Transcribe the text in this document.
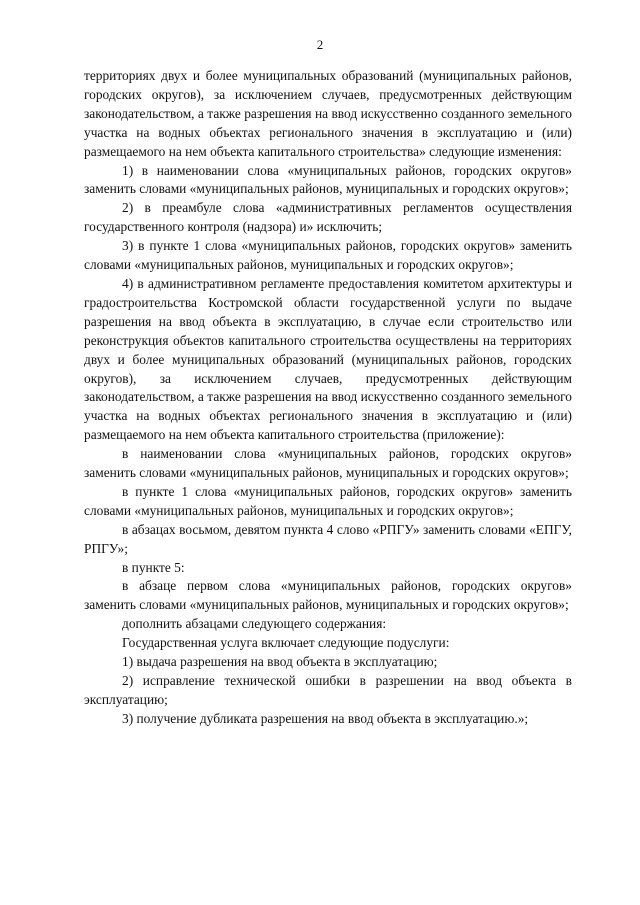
2

территориях двух и более муниципальных образований (муниципальных районов, городских округов), за исключением случаев, предусмотренных действующим законодательством, а также разрешения на ввод искусственно созданного земельного участка на водных объектах регионального значения в эксплуатацию и (или) размещаемого на нем объекта капитального строительства» следующие изменения:

1) в наименовании слова «муниципальных районов, городских округов» заменить словами «муниципальных районов, муниципальных и городских округов»;

2) в преамбуле слова «административных регламентов осуществления государственного контроля (надзора) и» исключить;

3) в пункте 1 слова «муниципальных районов, городских округов» заменить словами «муниципальных районов, муниципальных и городских округов»;

4) в административном регламенте предоставления комитетом архитектуры и градостроительства Костромской области государственной услуги по выдаче разрешения на ввод объекта в эксплуатацию, в случае если строительство или реконструкция объектов капитального строительства осуществлены на территориях двух и более муниципальных образований (муниципальных районов, городских округов), за исключением случаев, предусмотренных действующим законодательством, а также разрешения на ввод искусственно созданного земельного участка на водных объектах регионального значения в эксплуатацию и (или) размещаемого на нем объекта капитального строительства (приложение):

в наименовании слова «муниципальных районов, городских округов» заменить словами «муниципальных районов, муниципальных и городских округов»;

в пункте 1 слова «муниципальных районов, городских округов» заменить словами «муниципальных районов, муниципальных и городских округов»;

в абзацах восьмом, девятом пункта 4 слово «РПГУ» заменить словами «ЕПГУ, РПГУ»;

в пункте 5:

в абзаце первом слова «муниципальных районов, городских округов» заменить словами «муниципальных районов, муниципальных и городских округов»;

дополнить абзацами следующего содержания:

Государственная услуга включает следующие подуслуги:

1) выдача разрешения на ввод объекта в эксплуатацию;

2) исправление технической ошибки в разрешении на ввод объекта в эксплуатацию;

3) получение дубликата разрешения на ввод объекта в эксплуатацию.»;
